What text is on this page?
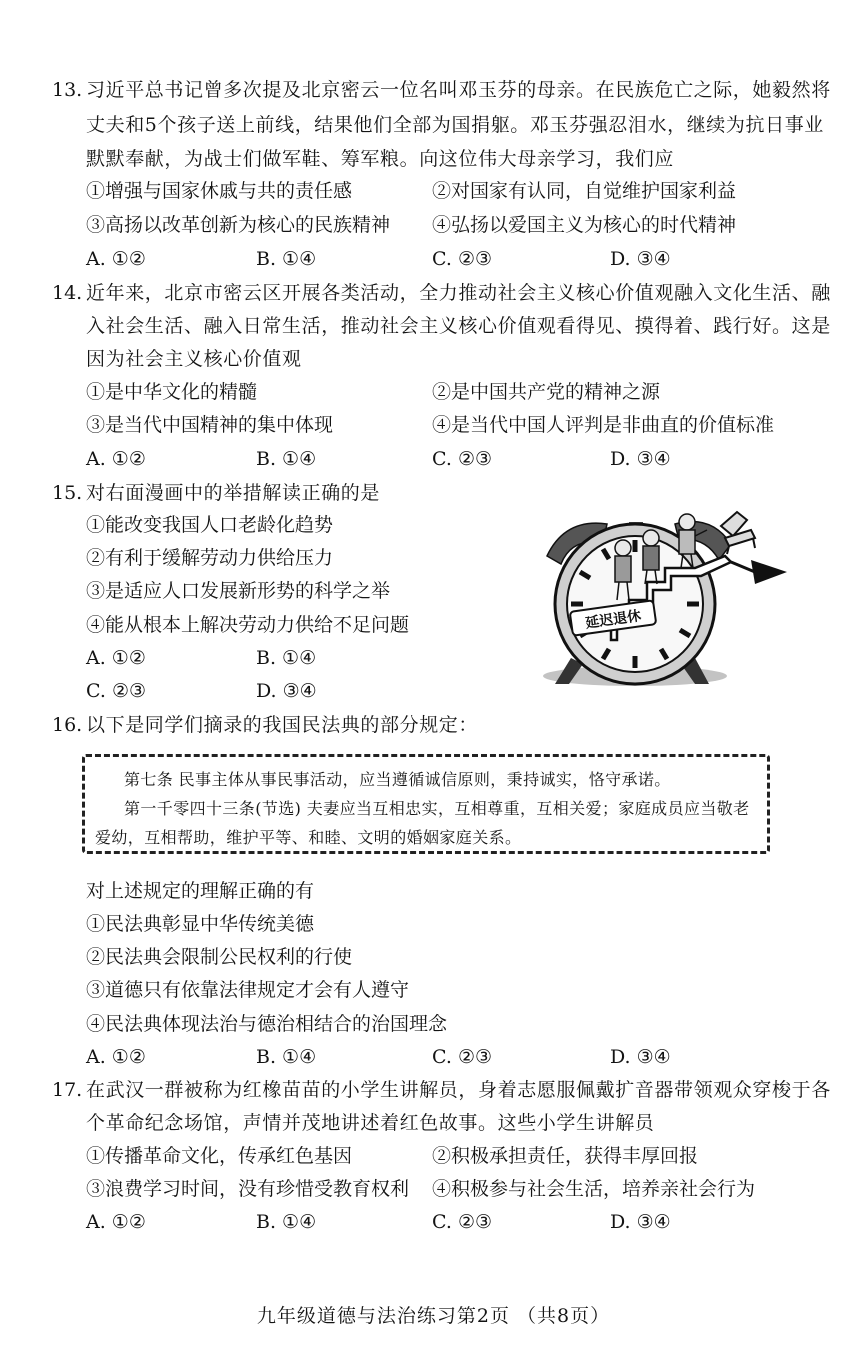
13. 习近平总书记曾多次提及北京密云一位名叫邓玉芬的母亲。在民族危亡之际，她毅然将
丈夫和5个孩子送上前线，结果他们全部为国捐躯。邓玉芬强忍泪水，继续为抗日事业
默默奉献，为战士们做军鞋、筹军粮。向这位伟大母亲学习，我们应
①增强与国家休戚与共的责任感	②对国家有认同，自觉维护国家利益
③高扬以改革创新为核心的民族精神 ④弘扬以爱国主义为核心的时代精神
A. ①②	B. ①④	C. ②③	D. ③④
14. 近年来，北京市密云区开展各类活动，全力推动社会主义核心价值观融入文化生活、融
入社会生活、融入日常生活，推动社会主义核心价值观看得见、摸得着、践行好。这是
因为社会主义核心价值观
①是中华文化的精髓	②是中国共产党的精神之源
③是当代中国精神的集中体现	④是当代中国人评判是非曲直的价值标准
A. ①②	B. ①④	C. ②③	D. ③④
15. 对右面漫画中的举措解读正确的是
①能改变我国人口老龄化趋势
②有利于缓解劳动力供给压力
③是适应人口发展新形势的科学之举
④能从根本上解决劳动力供给不足问题
A. ①②	B. ①④
C. ②③	D. ③④
延迟退休
16. 以下是同学们摘录的我国民法典的部分规定：
第七条 民事主体从事民事活动，应当遵循诚信原则，秉持诚实，恪守承诺。
第一千零四十三条(节选) 夫妻应当互相忠实，互相尊重，互相关爱；家庭成员应当敬老
爱幼，互相帮助，维护平等、和睦、文明的婚姻家庭关系。
对上述规定的理解正确的有
①民法典彰显中华传统美德
②民法典会限制公民权利的行使
③道德只有依靠法律规定才会有人遵守
④民法典体现法治与德治相结合的治国理念
A. ①②	B. ①④	C. ②③	D. ③④
17. 在武汉一群被称为红橡苗苗的小学生讲解员，身着志愿服佩戴扩音器带领观众穿梭于各
个革命纪念场馆，声情并茂地讲述着红色故事。这些小学生讲解员
①传播革命文化，传承红色基因	②积极承担责任，获得丰厚回报
③浪费学习时间，没有珍惜受教育权利 ④积极参与社会生活，培养亲社会行为
A. ①②	B. ①④	C. ②③	D. ③④
九年级道德与法治练习第2页 （共8页）
